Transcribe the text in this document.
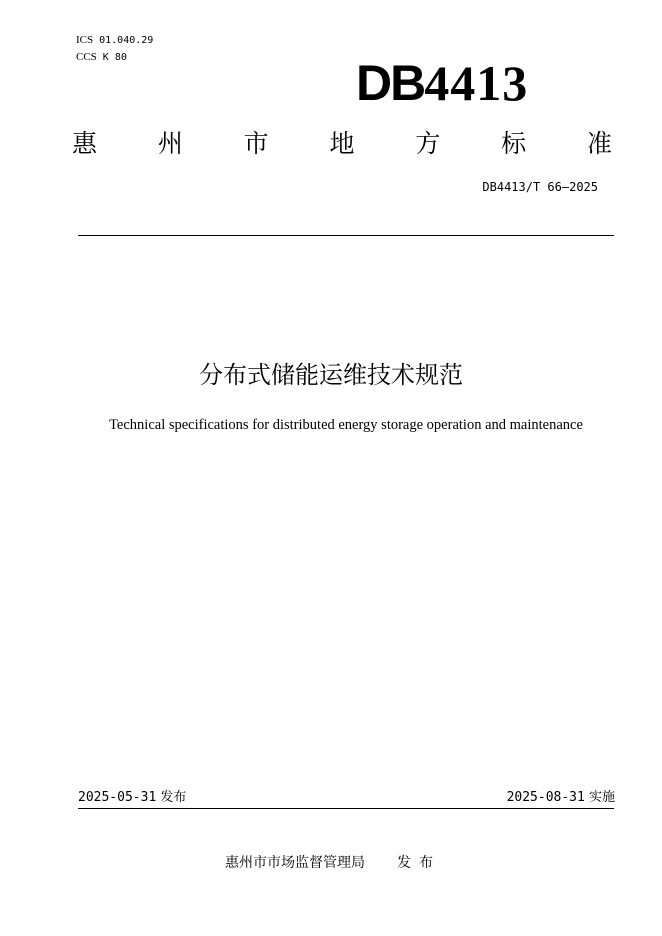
ICS 01.040.29
CCS K 80	DB4413
惠 州 市 地 方 标 准
DB4413/T 66—2025
分布式储能运维技术规范
Technical specifications for distributed energy storage operation and maintenance
2025-05-31 发布	2025-08-31 实施
惠州市市场监督管理局 发布
